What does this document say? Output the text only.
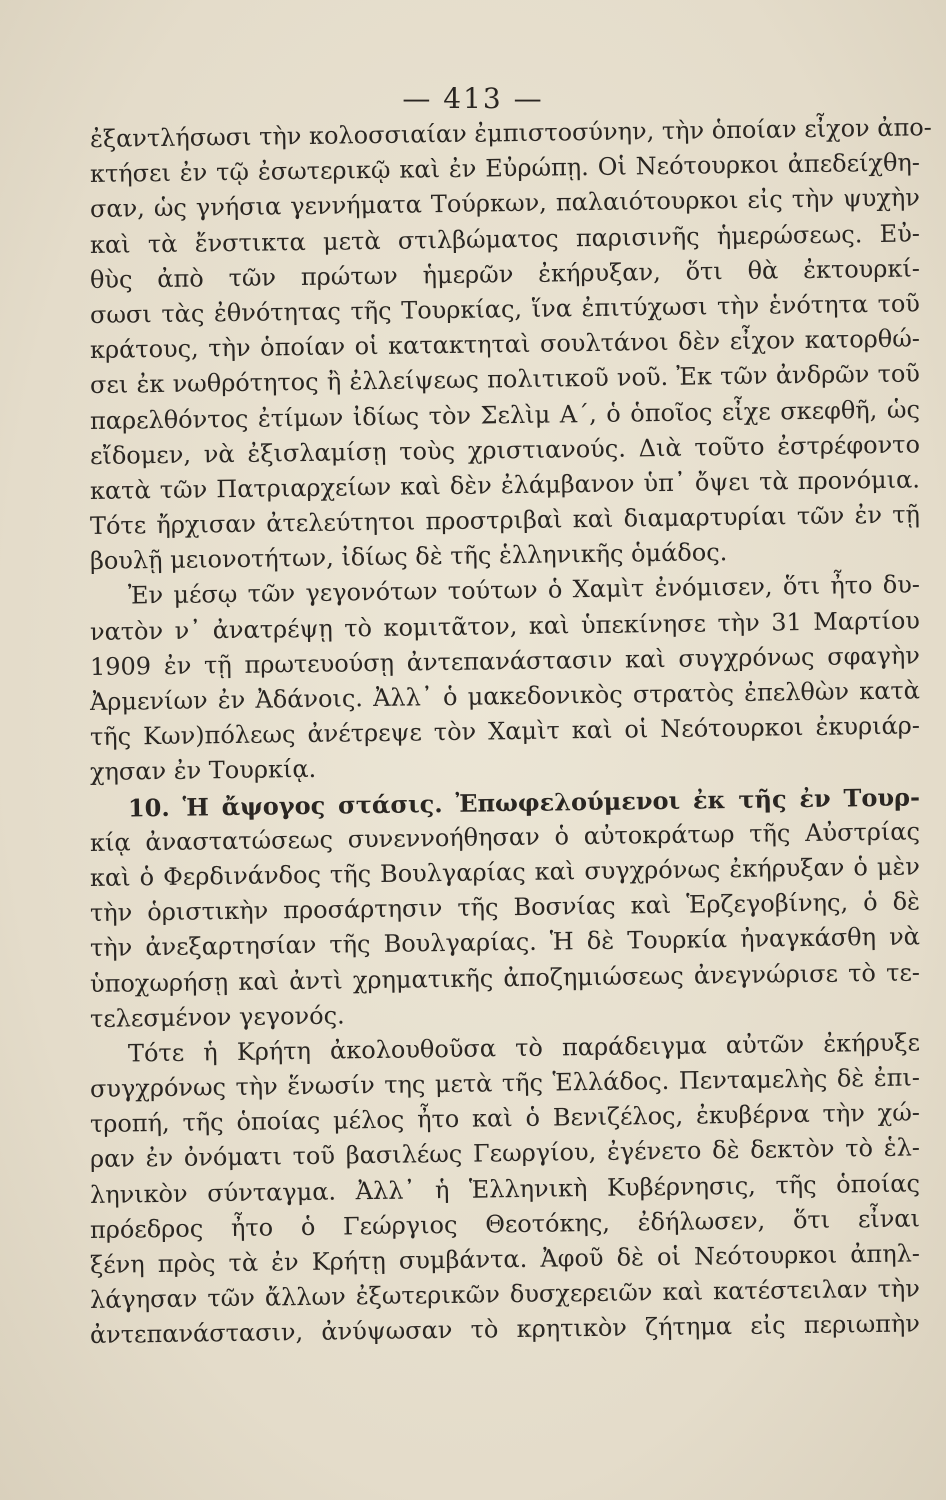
— 413 —
ἐξαντλήσωσι τὴν κολοσσιαίαν ἐμπιστοσύνην, τὴν ὁποίαν εἶχον ἀπο-
κτήσει ἐν τῷ ἐσωτερικῷ καὶ ἐν Εὐρώπῃ. Οἱ Νεότουρκοι ἀπεδείχθη-
σαν, ὡς γνήσια γεννήματα Τούρκων, παλαιότουρκοι εἰς τὴν ψυχὴν
καὶ τὰ ἔνστικτα μετὰ στιλβώματος παρισινῆς ἡμερώσεως. Εὐ-
θὺς ἀπὸ τῶν πρώτων ἡμερῶν ἐκήρυξαν, ὅτι θὰ ἐκτουρκί-
σωσι τὰς ἐθνότητας τῆς Τουρκίας, ἵνα ἐπιτύχωσι τὴν ἑνότητα τοῦ
κράτους, τὴν ὁποίαν οἱ κατακτηταὶ σουλτάνοι δὲν εἶχον κατορθώ-
σει ἐκ νωθρότητος ἢ ἐλλείψεως πολιτικοῦ νοῦ. Ἐκ τῶν ἀνδρῶν τοῦ
παρελθόντος ἐτίμων ἰδίως τὸν Σελὶμ Α΄, ὁ ὁποῖος εἶχε σκεφθῆ, ὡς
εἴδομεν, νὰ ἐξισλαμίσῃ τοὺς χριστιανούς. Διὰ τοῦτο ἐστρέφοντο
κατὰ τῶν Πατριαρχείων καὶ δὲν ἐλάμβανον ὑπ᾽ ὄψει τὰ προνόμια.
Τότε ἤρχισαν ἀτελεύτητοι προστριβαὶ καὶ διαμαρτυρίαι τῶν ἐν τῇ
βουλῇ μειονοτήτων, ἰδίως δὲ τῆς ἑλληνικῆς ὁμάδος.
Ἐν μέσῳ τῶν γεγονότων τούτων ὁ Χαμὶτ ἐνόμισεν, ὅτι ἦτο δυ-
νατὸν ν᾽ ἀνατρέψῃ τὸ κομιτᾶτον, καὶ ὑπεκίνησε τὴν 31 Μαρτίου
1909 ἐν τῇ πρωτευούσῃ ἀντεπανάστασιν καὶ συγχρόνως σφαγὴν
Ἀρμενίων ἐν Ἀδάνοις. Ἀλλ᾽ ὁ μακεδονικὸς στρατὸς ἐπελθὼν κατὰ
τῆς Κων)πόλεως ἀνέτρεψε τὸν Χαμὶτ καὶ οἱ Νεότουρκοι ἐκυριάρ-
χησαν ἐν Τουρκίᾳ.
10. Ἡ ἄψογος στάσις. Ἐπωφελούμενοι ἐκ τῆς ἐν Τουρ-
κίᾳ ἀναστατώσεως συνεννοήθησαν ὁ αὐτοκράτωρ τῆς Αὐστρίας
καὶ ὁ Φερδινάνδος τῆς Βουλγαρίας καὶ συγχρόνως ἐκήρυξαν ὁ μὲν
τὴν ὁριστικὴν προσάρτησιν τῆς Βοσνίας καὶ Ἑρζεγοβίνης, ὁ δὲ
τὴν ἀνεξαρτησίαν τῆς Βουλγαρίας. Ἡ δὲ Τουρκία ἠναγκάσθη νὰ
ὑποχωρήσῃ καὶ ἀντὶ χρηματικῆς ἀποζημιώσεως ἀνεγνώρισε τὸ τε-
τελεσμένον γεγονός.
Τότε ἡ Κρήτη ἀκολουθοῦσα τὸ παράδειγμα αὐτῶν ἐκήρυξε
συγχρόνως τὴν ἕνωσίν της μετὰ τῆς Ἑλλάδος. Πενταμελὴς δὲ ἐπι-
τροπή, τῆς ὁποίας μέλος ἦτο καὶ ὁ Βενιζέλος, ἐκυβέρνα τὴν χώ-
ραν ἐν ὀνόματι τοῦ βασιλέως Γεωργίου, ἐγένετο δὲ δεκτὸν τὸ ἑλ-
ληνικὸν σύνταγμα. Ἀλλ᾽ ἡ Ἑλληνικὴ Κυβέρνησις, τῆς ὁποίας
πρόεδρος ἦτο ὁ Γεώργιος Θεοτόκης, ἐδήλωσεν, ὅτι εἶναι
ξένη πρὸς τὰ ἐν Κρήτῃ συμβάντα. Ἀφοῦ δὲ οἱ Νεότουρκοι ἀπηλ-
λάγησαν τῶν ἄλλων ἐξωτερικῶν δυσχερειῶν καὶ κατέστειλαν τὴν
ἀντεπανάστασιν, ἀνύψωσαν τὸ κρητικὸν ζήτημα εἰς περιωπὴν
